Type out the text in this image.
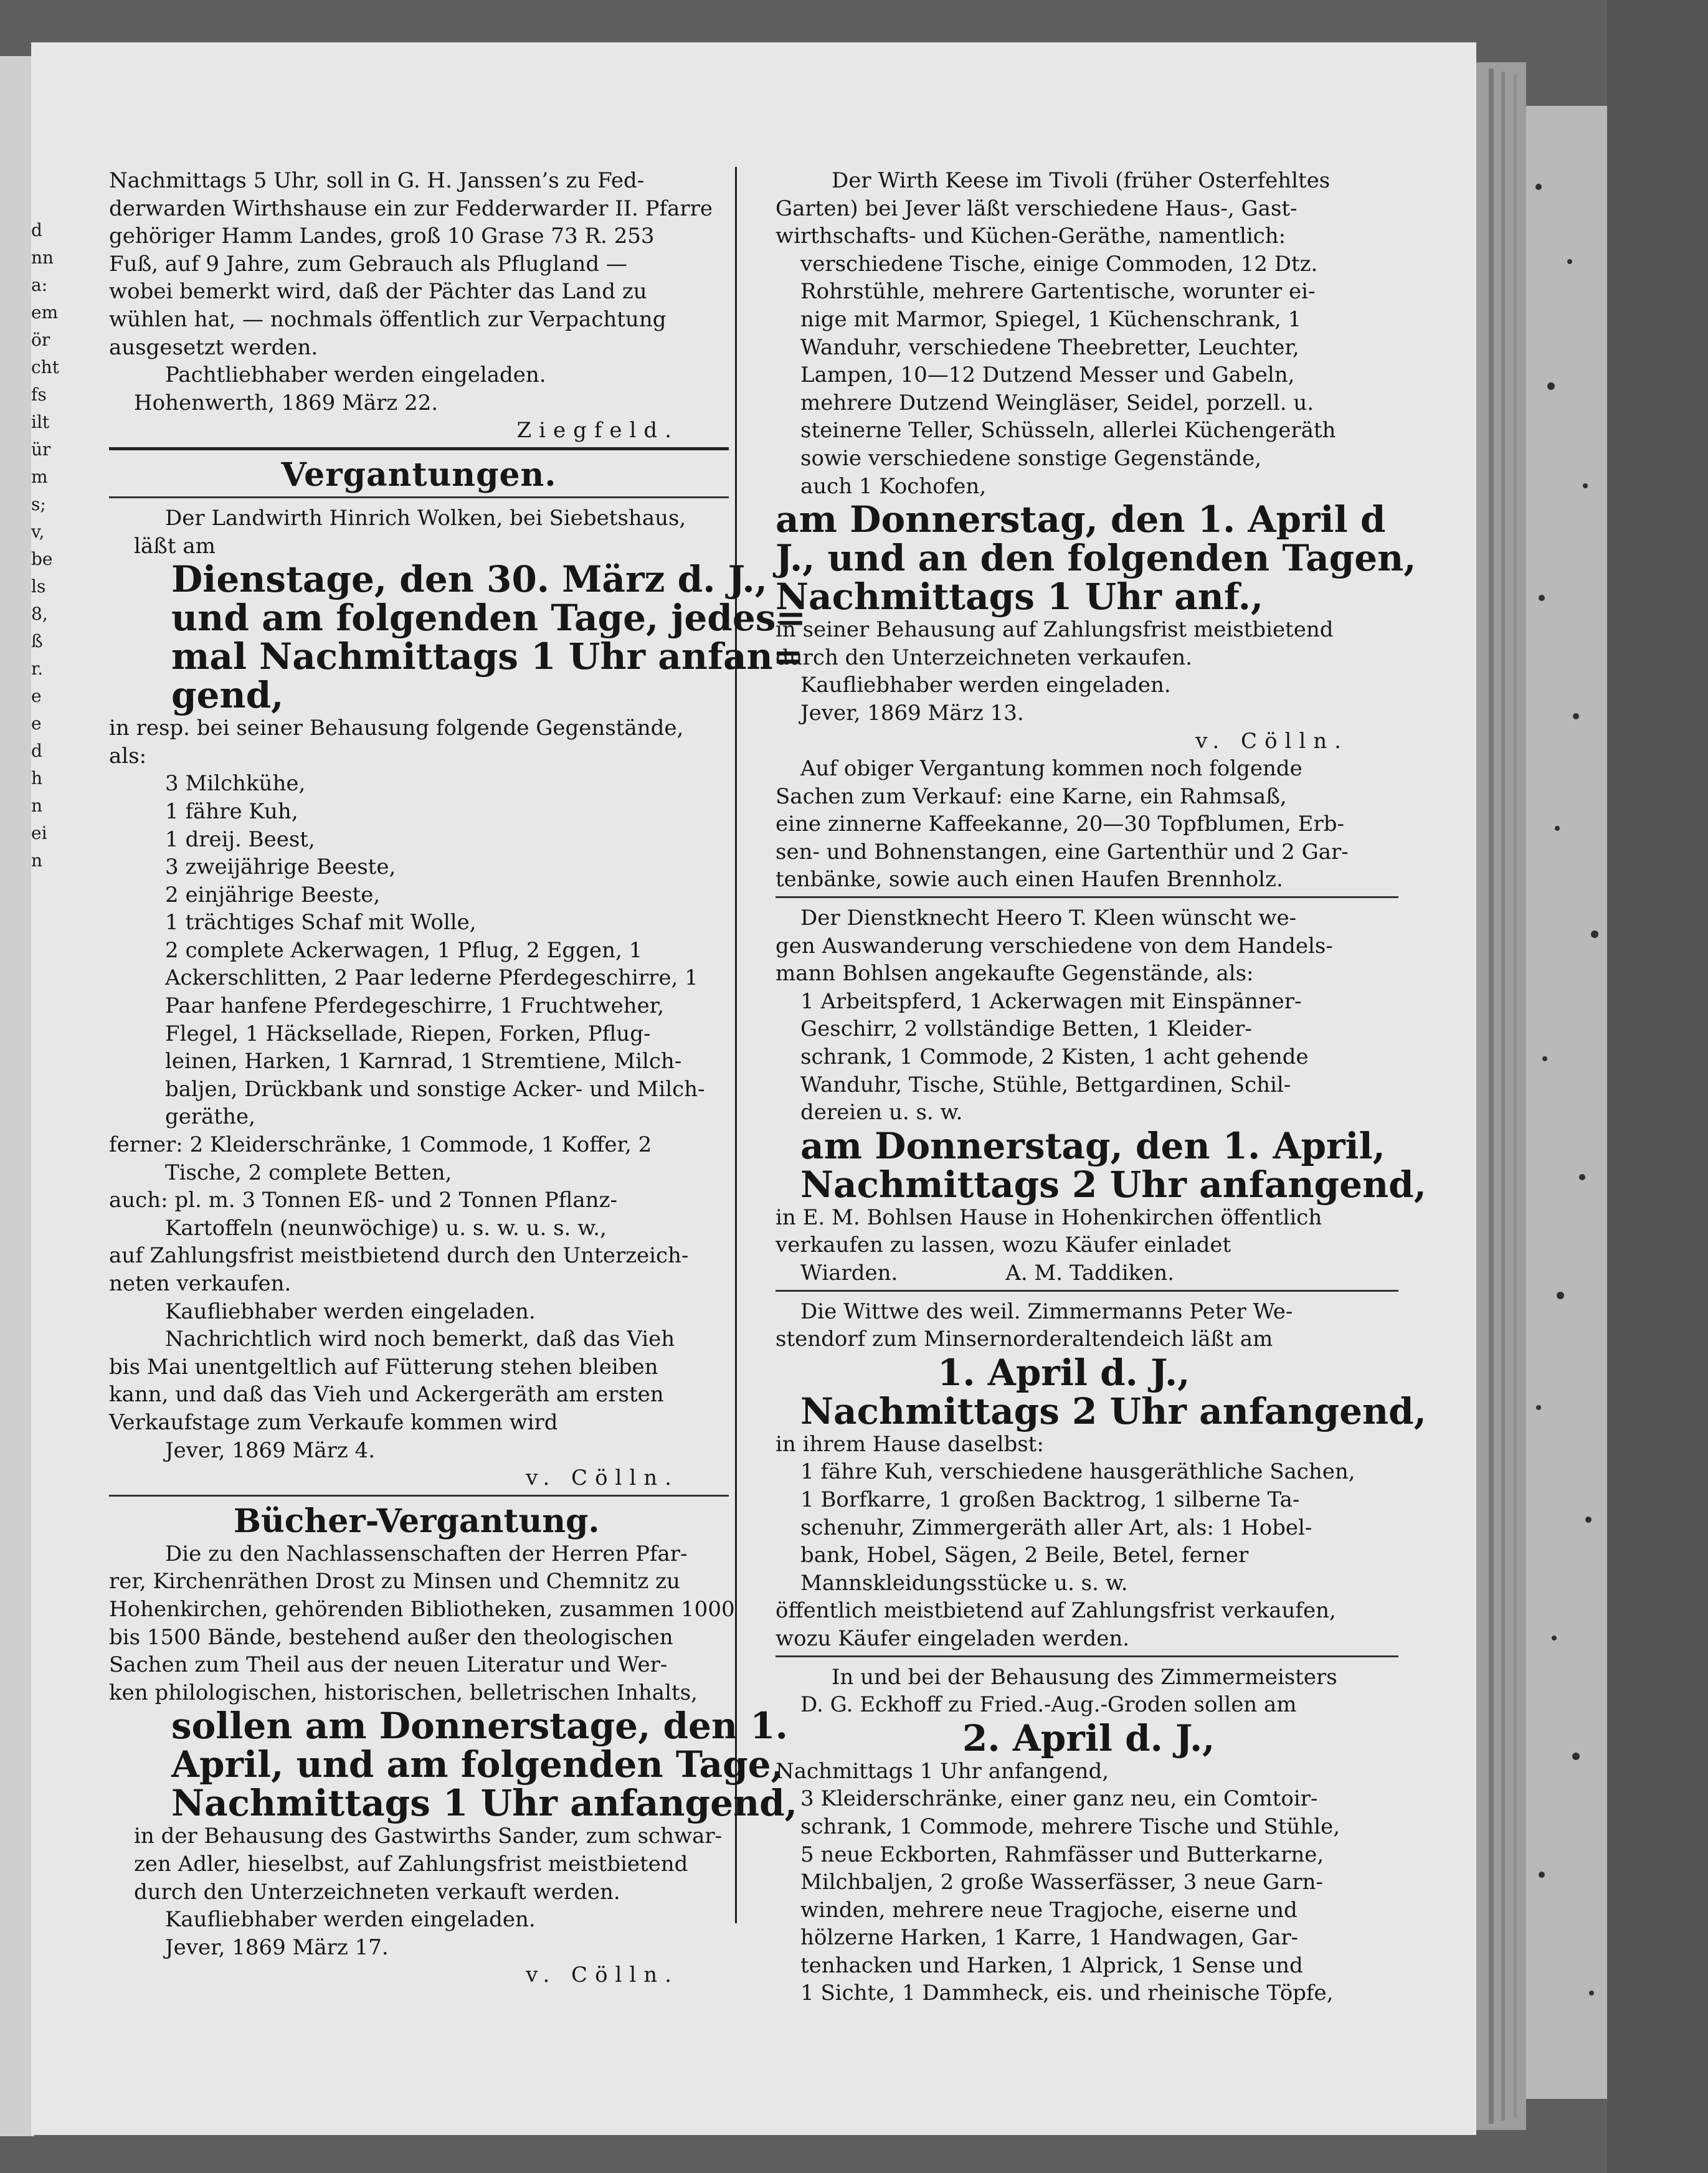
d
nn
a:
em
ör
cht
fs
ilt
ür
m
s;
v,
be
ls
8,
ß
r.
e
e
d
h
n
ei
n

Nachmittags 5 Uhr, soll in G. H. Janssen’s zu Fed-

derwarden Wirthshause ein zur Fedderwarder II. Pfarre

gehöriger Hamm Landes, groß 10 Grase 73 R. 253

Fuß, auf 9 Jahre, zum Gebrauch als Pflugland —

wobei bemerkt wird, daß der Pächter das Land zu

wühlen hat, — nochmals öffentlich zur Verpachtung

ausgesetzt werden.

Pachtliebhaber werden eingeladen.

Hohenwerth, 1869 März 22.

Ziegfeld.

Vergantungen.

Der Landwirth Hinrich Wolken, bei Siebetshaus,

läßt am

Dienstage, den 30. März d. J.,

und am folgenden Tage, jedes=

mal Nachmittags 1 Uhr anfan=

gend,

in resp. bei seiner Behausung folgende Gegenstände,

als:

3 Milchkühe,

1 fähre Kuh,

1 dreij. Beest,

3 zweijährige Beeste,

2 einjährige Beeste,

1 trächtiges Schaf mit Wolle,

2 complete Ackerwagen, 1 Pflug, 2 Eggen, 1

Ackerschlitten, 2 Paar lederne Pferdegeschirre, 1

Paar hanfene Pferdegeschirre, 1 Fruchtweher,

Flegel, 1 Häcksellade, Riepen, Forken, Pflug-

leinen, Harken, 1 Karnrad, 1 Stremtiene, Milch-

baljen, Drückbank und sonstige Acker- und Milch-

geräthe,

ferner: 2 Kleiderschränke, 1 Commode, 1 Koffer, 2

Tische, 2 complete Betten,

auch: pl. m. 3 Tonnen Eß- und 2 Tonnen Pflanz-

Kartoffeln (neunwöchige) u. s. w. u. s. w.,

auf Zahlungsfrist meistbietend durch den Unterzeich-

neten verkaufen.

Kaufliebhaber werden eingeladen.

Nachrichtlich wird noch bemerkt, daß das Vieh

bis Mai unentgeltlich auf Fütterung stehen bleiben

kann, und daß das Vieh und Ackergeräth am ersten

Verkaufstage zum Verkaufe kommen wird

Jever, 1869 März 4.

v. Cölln.

Bücher-Vergantung.

Die zu den Nachlassenschaften der Herren Pfar-

rer, Kirchenräthen Drost zu Minsen und Chemnitz zu

Hohenkirchen, gehörenden Bibliotheken, zusammen 1000

bis 1500 Bände, bestehend außer den theologischen

Sachen zum Theil aus der neuen Literatur und Wer-

ken philologischen, historischen, belletrischen Inhalts,

sollen am Donnerstage, den 1.

April, und am folgenden Tage,

Nachmittags 1 Uhr anfangend,

in der Behausung des Gastwirths Sander, zum schwar-

zen Adler, hieselbst, auf Zahlungsfrist meistbietend

durch den Unterzeichneten verkauft werden.

Kaufliebhaber werden eingeladen.

Jever, 1869 März 17.

v. Cölln.

Der Wirth Keese im Tivoli (früher Osterfehltes

Garten) bei Jever läßt verschiedene Haus-, Gast-

wirthschafts- und Küchen-Geräthe, namentlich:

verschiedene Tische, einige Commoden, 12 Dtz.

Rohrstühle, mehrere Gartentische, worunter ei-

nige mit Marmor, Spiegel, 1 Küchenschrank, 1

Wanduhr, verschiedene Theebretter, Leuchter,

Lampen, 10—12 Dutzend Messer und Gabeln,

mehrere Dutzend Weingläser, Seidel, porzell. u.

steinerne Teller, Schüsseln, allerlei Küchengeräth

sowie verschiedene sonstige Gegenstände,

auch 1 Kochofen,

am Donnerstag, den 1. April d

J., und an den folgenden Tagen,

Nachmittags 1 Uhr anf.,

in seiner Behausung auf Zahlungsfrist meistbietend

durch den Unterzeichneten verkaufen.

Kaufliebhaber werden eingeladen.

Jever, 1869 März 13.

v. Cölln.

Auf obiger Vergantung kommen noch folgende

Sachen zum Verkauf: eine Karne, ein Rahmsaß,

eine zinnerne Kaffeekanne, 20—30 Topfblumen, Erb-

sen- und Bohnenstangen, eine Gartenthür und 2 Gar-

tenbänke, sowie auch einen Haufen Brennholz.

Der Dienstknecht Heero T. Kleen wünscht we-

gen Auswanderung verschiedene von dem Handels-

mann Bohlsen angekaufte Gegenstände, als:

1 Arbeitspferd, 1 Ackerwagen mit Einspänner-

Geschirr, 2 vollständige Betten, 1 Kleider-

schrank, 1 Commode, 2 Kisten, 1 acht gehende

Wanduhr, Tische, Stühle, Bettgardinen, Schil-

dereien u. s. w.

am Donnerstag, den 1. April,

Nachmittags 2 Uhr anfangend,

in E. M. Bohlsen Hause in Hohenkirchen öffentlich

verkaufen zu lassen, wozu Käufer einladet

Wiarden.                A. M. Taddiken.

Die Wittwe des weil. Zimmermanns Peter We-

stendorf zum Minsernorderaltendeich läßt am

1. April d. J.,

Nachmittags 2 Uhr anfangend,

in ihrem Hause daselbst:

1 fähre Kuh, verschiedene hausgeräthliche Sachen,

1 Borfkarre, 1 großen Backtrog, 1 silberne Ta-

schenuhr, Zimmergeräth aller Art, als: 1 Hobel-

bank, Hobel, Sägen, 2 Beile, Betel, ferner

Mannskleidungsstücke u. s. w.

öffentlich meistbietend auf Zahlungsfrist verkaufen,

wozu Käufer eingeladen werden.

In und bei der Behausung des Zimmermeisters

D. G. Eckhoff zu Fried.-Aug.-Groden sollen am

2. April d. J.,

Nachmittags 1 Uhr anfangend,

3 Kleiderschränke, einer ganz neu, ein Comtoir-

schrank, 1 Commode, mehrere Tische und Stühle,

5 neue Eckborten, Rahmfässer und Butterkarne,

Milchbaljen, 2 große Wasserfässer, 3 neue Garn-

winden, mehrere neue Tragjoche, eiserne und

hölzerne Harken, 1 Karre, 1 Handwagen, Gar-

tenhacken und Harken, 1 Alprick, 1 Sense und

1 Sichte, 1 Dammheck, eis. und rheinische Töpfe,
